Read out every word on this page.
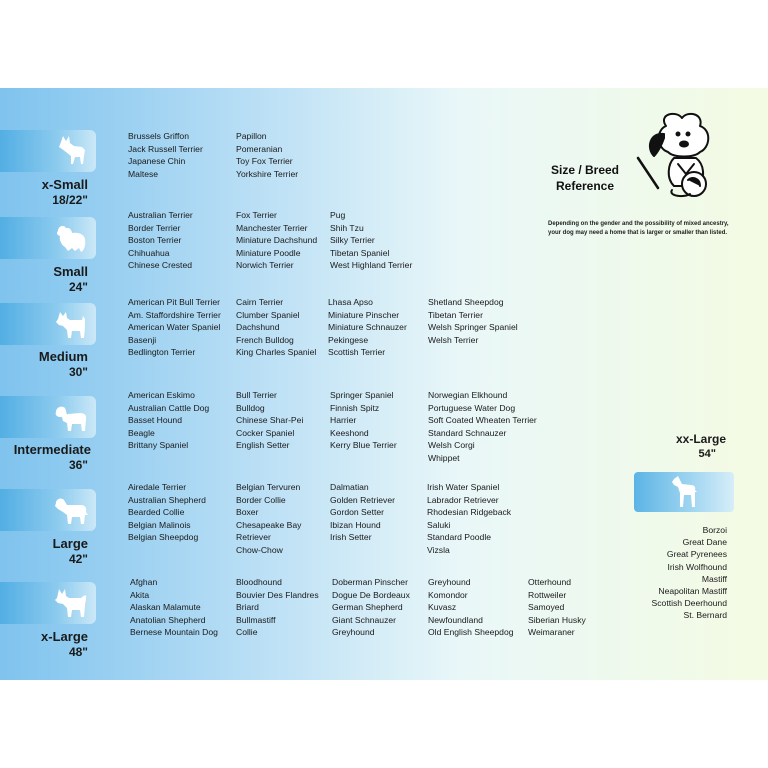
Size / Breed
Reference
Depending on the gender and the possibility of mixed ancestry,
your dog may need a home that is larger or smaller than listed.
x-Small
18/22ʺ
Small
24ʺ
Medium
30ʺ
Intermediate
36ʺ
Large
42ʺ
x-Large
48ʺ
Brussels Griffon
Jack Russell Terrier
Japanese Chin
Maltese
Papillon
Pomeranian
Toy Fox Terrier
Yorkshire Terrier
Australian Terrier
Border Terrier
Boston Terrier
Chihuahua
Chinese Crested
Fox Terrier
Manchester Terrier
Miniature Dachshund
Miniature Poodle
Norwich Terrier
Pug
Shih Tzu
Silky Terrier
Tibetan Spaniel
West Highland Terrier
American Pit Bull Terrier
Am. Staffordshire Terrier
American Water Spaniel
Basenji
Bedlington Terrier
Cairn Terrier
Clumber Spaniel
Dachshund
French Bulldog
King Charles Spaniel
Lhasa Apso
Miniature Pinscher
Miniature Schnauzer
Pekingese
Scottish Terrier
Shetland Sheepdog
Tibetan Terrier
Welsh Springer Spaniel
Welsh Terrier
American Eskimo
Australian Cattle Dog
Basset Hound
Beagle
Brittany Spaniel
Bull Terrier
Bulldog
Chinese Shar-Pei
Cocker Spaniel
English Setter
Springer Spaniel
Finnish Spitz
Harrier
Keeshond
Kerry Blue Terrier
Norwegian Elkhound
Portuguese Water Dog
Soft Coated Wheaten Terrier
Standard Schnauzer
Welsh Corgi
Whippet
Airedale Terrier
Australian Shepherd
Bearded Collie
Belgian Malinois
Belgian Sheepdog
Belgian Tervuren
Border Collie
Boxer
Chesapeake Bay
Retriever
Chow-Chow
Dalmatian
Golden Retriever
Gordon Setter
Ibizan Hound
Irish Setter
Irish Water Spaniel
Labrador Retriever
Rhodesian Ridgeback
Saluki
Standard Poodle
Vizsla
Afghan
Akita
Alaskan Malamute
Anatolian Shepherd
Bernese Mountain Dog
Bloodhound
Bouvier Des Flandres
Briard
Bullmastiff
Collie
Doberman Pinscher
Dogue De Bordeaux
German Shepherd
Giant Schnauzer
Greyhound
Greyhound
Komondor
Kuvasz
Newfoundland
Old English Sheepdog
Otterhound
Rottweiler
Samoyed
Siberian Husky
Weimaraner
xx-Large
54ʺ
Borzoi
Great Dane
Great Pyrenees
Irish Wolfhound
Mastiff
Neapolitan Mastiff
Scottish Deerhound
St. Bernard
